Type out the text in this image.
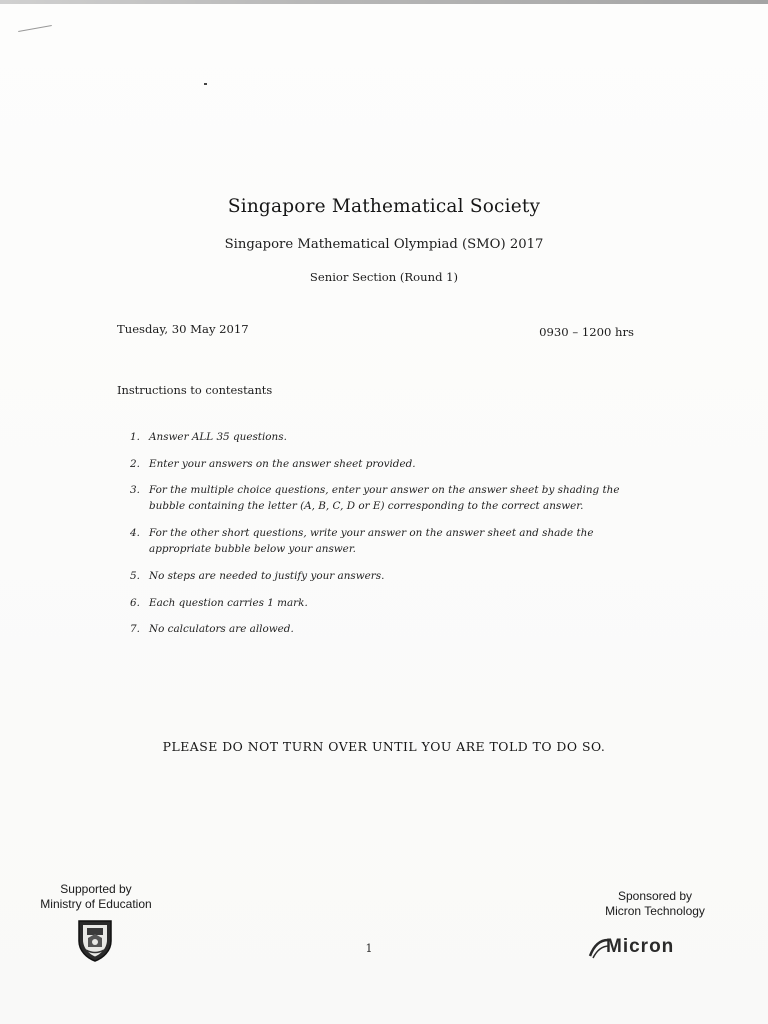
Singapore Mathematical Society
Singapore Mathematical Olympiad (SMO) 2017
Senior Section (Round 1)
Tuesday, 30 May 2017	0930 – 1200 hrs
Instructions to contestants
1. Answer ALL 35 questions.
2. Enter your answers on the answer sheet provided.
3. For the multiple choice questions, enter your answer on the answer sheet by shading the bubble containing the letter (A, B, C, D or E) corresponding to the correct answer.
4. For the other short questions, write your answer on the answer sheet and shade the appropriate bubble below your answer.
5. No steps are needed to justify your answers.
6. Each question carries 1 mark.
7. No calculators are allowed.
PLEASE DO NOT TURN OVER UNTIL YOU ARE TOLD TO DO SO.
Supported by
Ministry of Education
Sponsored by
Micron Technology
Micron
1
